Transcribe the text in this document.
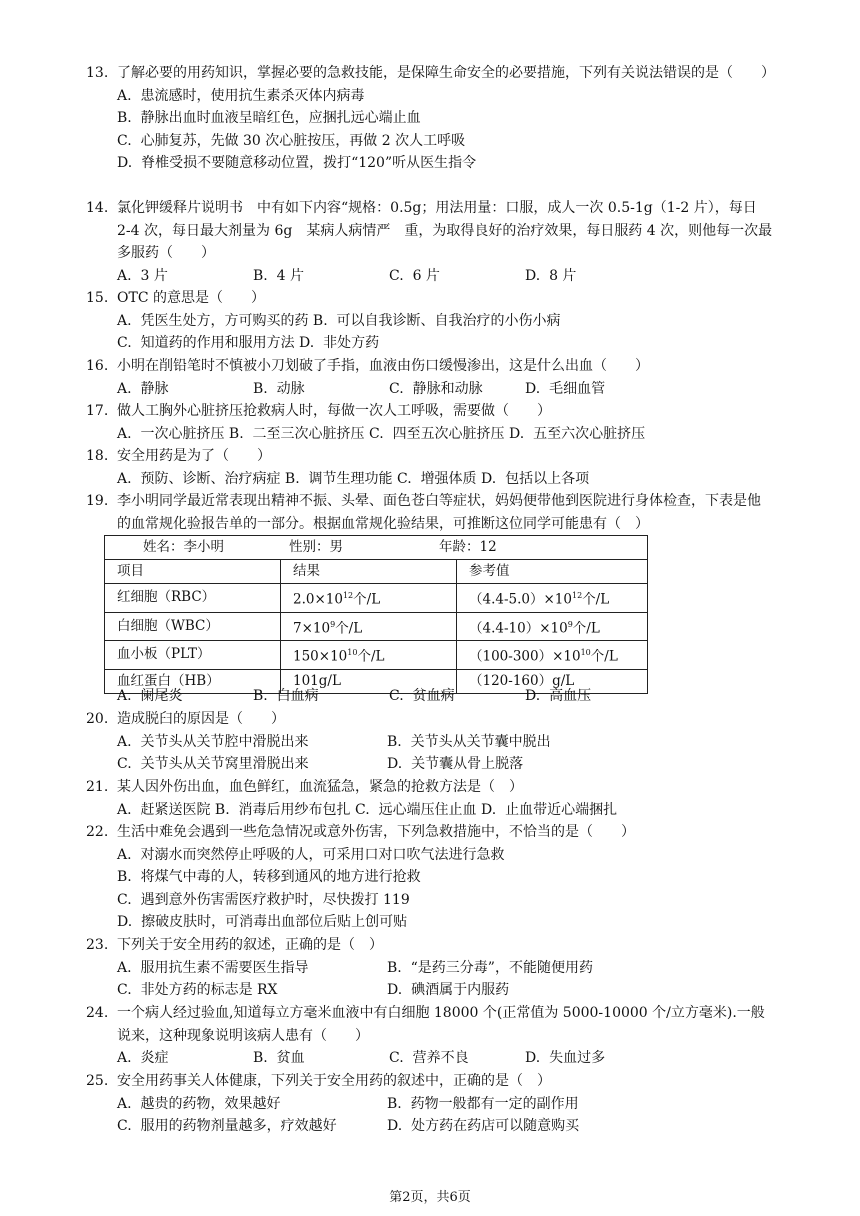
13. 了解必要的用药知识，掌握必要的急救技能，是保障生命安全的必要措施，下列有关说法错误的是（　　）
A.  患流感时，使用抗生素杀灭体内病毒
B.  静脉出血时血液呈暗红色，应捆扎远心端止血
C.  心肺复苏，先做 30 次心脏按压，再做 2 次人工呼吸
D.  脊椎受损不要随意移动位置，拨打“120”听从医生指令
14. 氯化钾缓释片说明书　中有如下内容“规格：0.5g；用法用量：口服，成人一次 0.5-1g（1-2 片），每日 2-4 次，每日最大剂量为 6g　某病人病情严　重，为取得良好的治疗效果，每日服药 4 次，则他每一次最多服药（　　）
A.  3 片	B.  4 片	C.  6 片	D.  8 片
15. OTC 的意思是（　　）
A.  凭医生处方，方可购买的药 B.  可以自我诊断、自我治疗的小伤小病
C.  知道药的作用和服用方法 D.  非处方药
16. 小明在削铅笔时不慎被小刀划破了手指，血液由伤口缓慢渗出，这是什么出血（　　）
A.  静脉	B.  动脉	C.  静脉和动脉	D.  毛细血管
17. 做人工胸外心脏挤压抢救病人时，每做一次人工呼吸，需要做（　　）
A.  一次心脏挤压 B.  二至三次心脏挤压 C.  四至五次心脏挤压 D.  五至六次心脏挤压
18. 安全用药是为了（　　）
A.  预防、诊断、治疗病症 B.  调节生理功能 C.  增强体质 D.  包括以上各项
19. 李小明同学最近常表现出精神不振、头晕、面色苍白等症状，妈妈便带他到医院进行身体检查，下表是他的血常规化验报告单的一部分。根据血常规化验结果，可推断这位同学可能患有（　）
姓名：李小明 性别：男 年龄：12		
项目	结果	参考值
红细胞（RBC）	$2.0\times 10^{12}$个/L	$(4.4-5.0)\times 10^{12}$个/L
白细胞（WBC）	$7\times 10^9$个/L	$(4.4-10)\times 10^9$个/L
血小板（PLT）	$150\times 10^{10}$个/L	$(100-300)\times 10^{10}$个/L
血红蛋白（HB）	101g/L	（120-160）g/L
A.  阑尾炎	B.  白血病	C.  贫血病	D.  高血压
20. 造成脱臼的原因是（　　）
A.  关节头从关节腔中滑脱出来	B.  关节头从关节囊中脱出
C.  关节头从关节窝里滑脱出来	D.  关节囊从骨上脱落
21. 某人因外伤出血，血色鲜红，血流猛急，紧急的抢救方法是（　）
A.  赶紧送医院 B.  消毒后用纱布包扎 C.  远心端压住止血 D.  止血带近心端捆扎
22. 生活中难免会遇到一些危急情况或意外伤害，下列急救措施中，不恰当的是（　　）
A.  对溺水而突然停止呼吸的人，可采用口对口吹气法进行急救
B.  将煤气中毒的人，转移到通风的地方进行抢救
C.  遇到意外伤害需医疗救护时，尽快拨打 119
D.  擦破皮肤时，可消毒出血部位后贴上创可贴
23. 下列关于安全用药的叙述，正确的是（　）
A.  服用抗生素不需要医生指导	B.  “是药三分毒”，不能随便用药
C.  非处方药的标志是 RX	D.  碘酒属于内服药
24. 一个病人经过验血,知道每立方毫米血液中有白细胞 18000 个(正常值为 5000-10000 个/立方毫米).一般说来，这种现象说明该病人患有（　　）
A.  炎症	B.  贫血	C.  营养不良	D.  失血过多
25. 安全用药事关人体健康，下列关于安全用药的叙述中，正确的是（　）
A.  越贵的药物，效果越好	B.  药物一般都有一定的副作用
C.  服用的药物剂量越多，疗效越好	D.  处方药在药店可以随意购买
第2页，共6页
